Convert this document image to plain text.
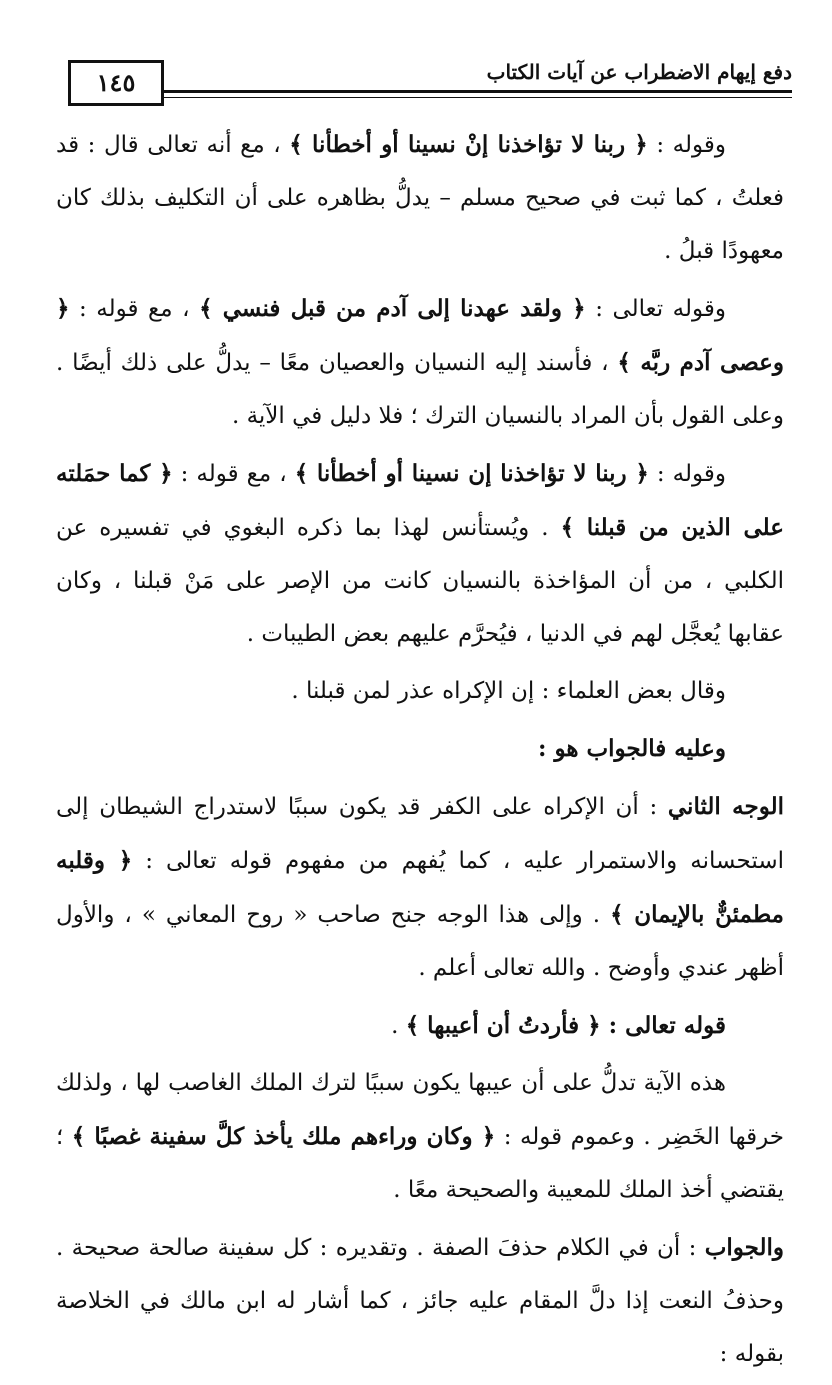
١٤٥	دفع إيهام الاضطراب عن آيات الكتاب

وقوله : ﴿ ربنا لا تؤاخذنا إنْ نسينا أو أخطأنا ﴾ ، مع أنه تعالى قال : قد فعلتُ ، كما ثبت في صحيح مسلم – يدلُّ بظاهره على أن التكليف بذلك كان معهودًا قبلُ .

وقوله تعالى : ﴿ ولقد عهدنا إلى آدم من قبل فنسي ﴾ ، مع قوله : ﴿ وعصى آدم ربَّه ﴾ ، فأسند إليه النسيان والعصيان معًا – يدلُّ على ذلك أيضًا . وعلى القول بأن المراد بالنسيان الترك ؛ فلا دليل في الآية .

وقوله : ﴿ ربنا لا تؤاخذنا إن نسينا أو أخطأنا ﴾ ، مع قوله : ﴿ كما حمَلته على الذين من قبلنا ﴾ . ويُستأنس لهذا بما ذكره البغوي في تفسيره عن الكلبي ، من أن المؤاخذة بالنسيان كانت من الإصر على مَنْ قبلنا ، وكان عقابها يُعجَّل لهم في الدنيا ، فيُحرَّم عليهم بعض الطيبات .

وقال بعض العلماء : إن الإكراه عذر لمن قبلنا .

وعليه فالجواب هو :

الوجه الثاني : أن الإكراه على الكفر قد يكون سببًا لاستدراج الشيطان إلى استحسانه والاستمرار عليه ، كما يُفهم من مفهوم قوله تعالى : ﴿ وقلبه مطمئنٌّ بالإيمان ﴾ . وإلى هذا الوجه جنح صاحب « روح المعاني » ، والأول أظهر عندي وأوضح . والله تعالى أعلم .

قوله تعالى : ﴿ فأردتُ أن أعيبها ﴾ .

هذه الآية تدلُّ على أن عيبها يكون سببًا لترك الملك الغاصب لها ، ولذلك خرقها الخَضِر . وعموم قوله : ﴿ وكان وراءهم ملك يأخذ كلَّ سفينة غصبًا ﴾ ؛ يقتضي أخذ الملك للمعيبة والصحيحة معًا .

والجواب : أن في الكلام حذفَ الصفة . وتقديره : كل سفينة صالحة صحيحة . وحذفُ النعت إذا دلَّ المقام عليه جائز ، كما أشار له ابن مالك في الخلاصة بقوله :
